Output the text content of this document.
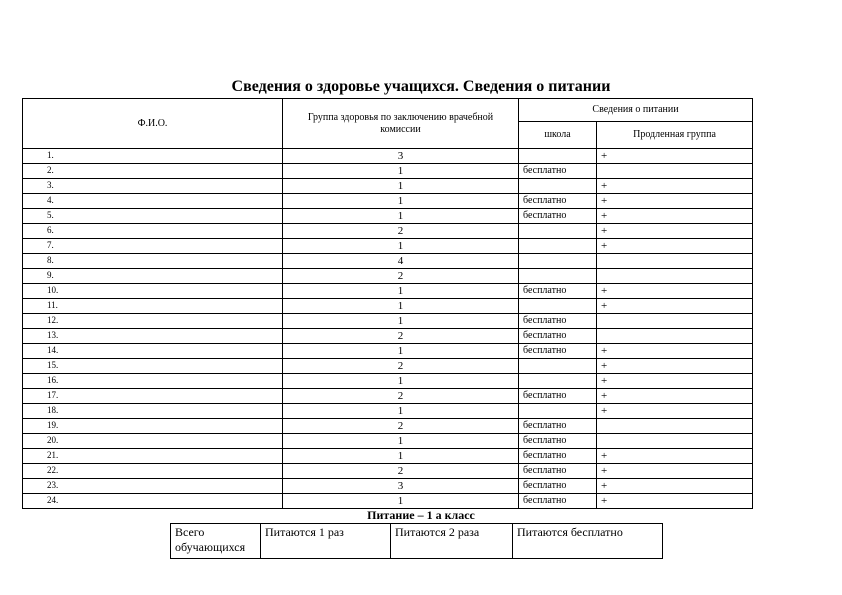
Сведения о здоровье учащихся. Сведения о питании
Ф.И.О.	Группа здоровья по заключению врачебной комиссии	Сведения о питании	
		школа	Продленная группа
1.	3		+
2.	1	бесплатно	
3.	1		+
4.	1	бесплатно	+
5.	1	бесплатно	+
6.	2		+
7.	1		+
8.	4		
9.	2		
10.	1	бесплатно	+
11.	1		+
12.	1	бесплатно	
13.	2	бесплатно	
14.	1	бесплатно	+
15.	2		+
16.	1		+
17.	2	бесплатно	+
18.	1		+
19.	2	бесплатно	
20.	1	бесплатно	
21.	1	бесплатно	+
22.	2	бесплатно	+
23.	3	бесплатно	+
24.	1	бесплатно	+
Питание – 1 а класс
Всего обучающихся	Питаются 1 раз	Питаются 2 раза	Питаются бесплатно
